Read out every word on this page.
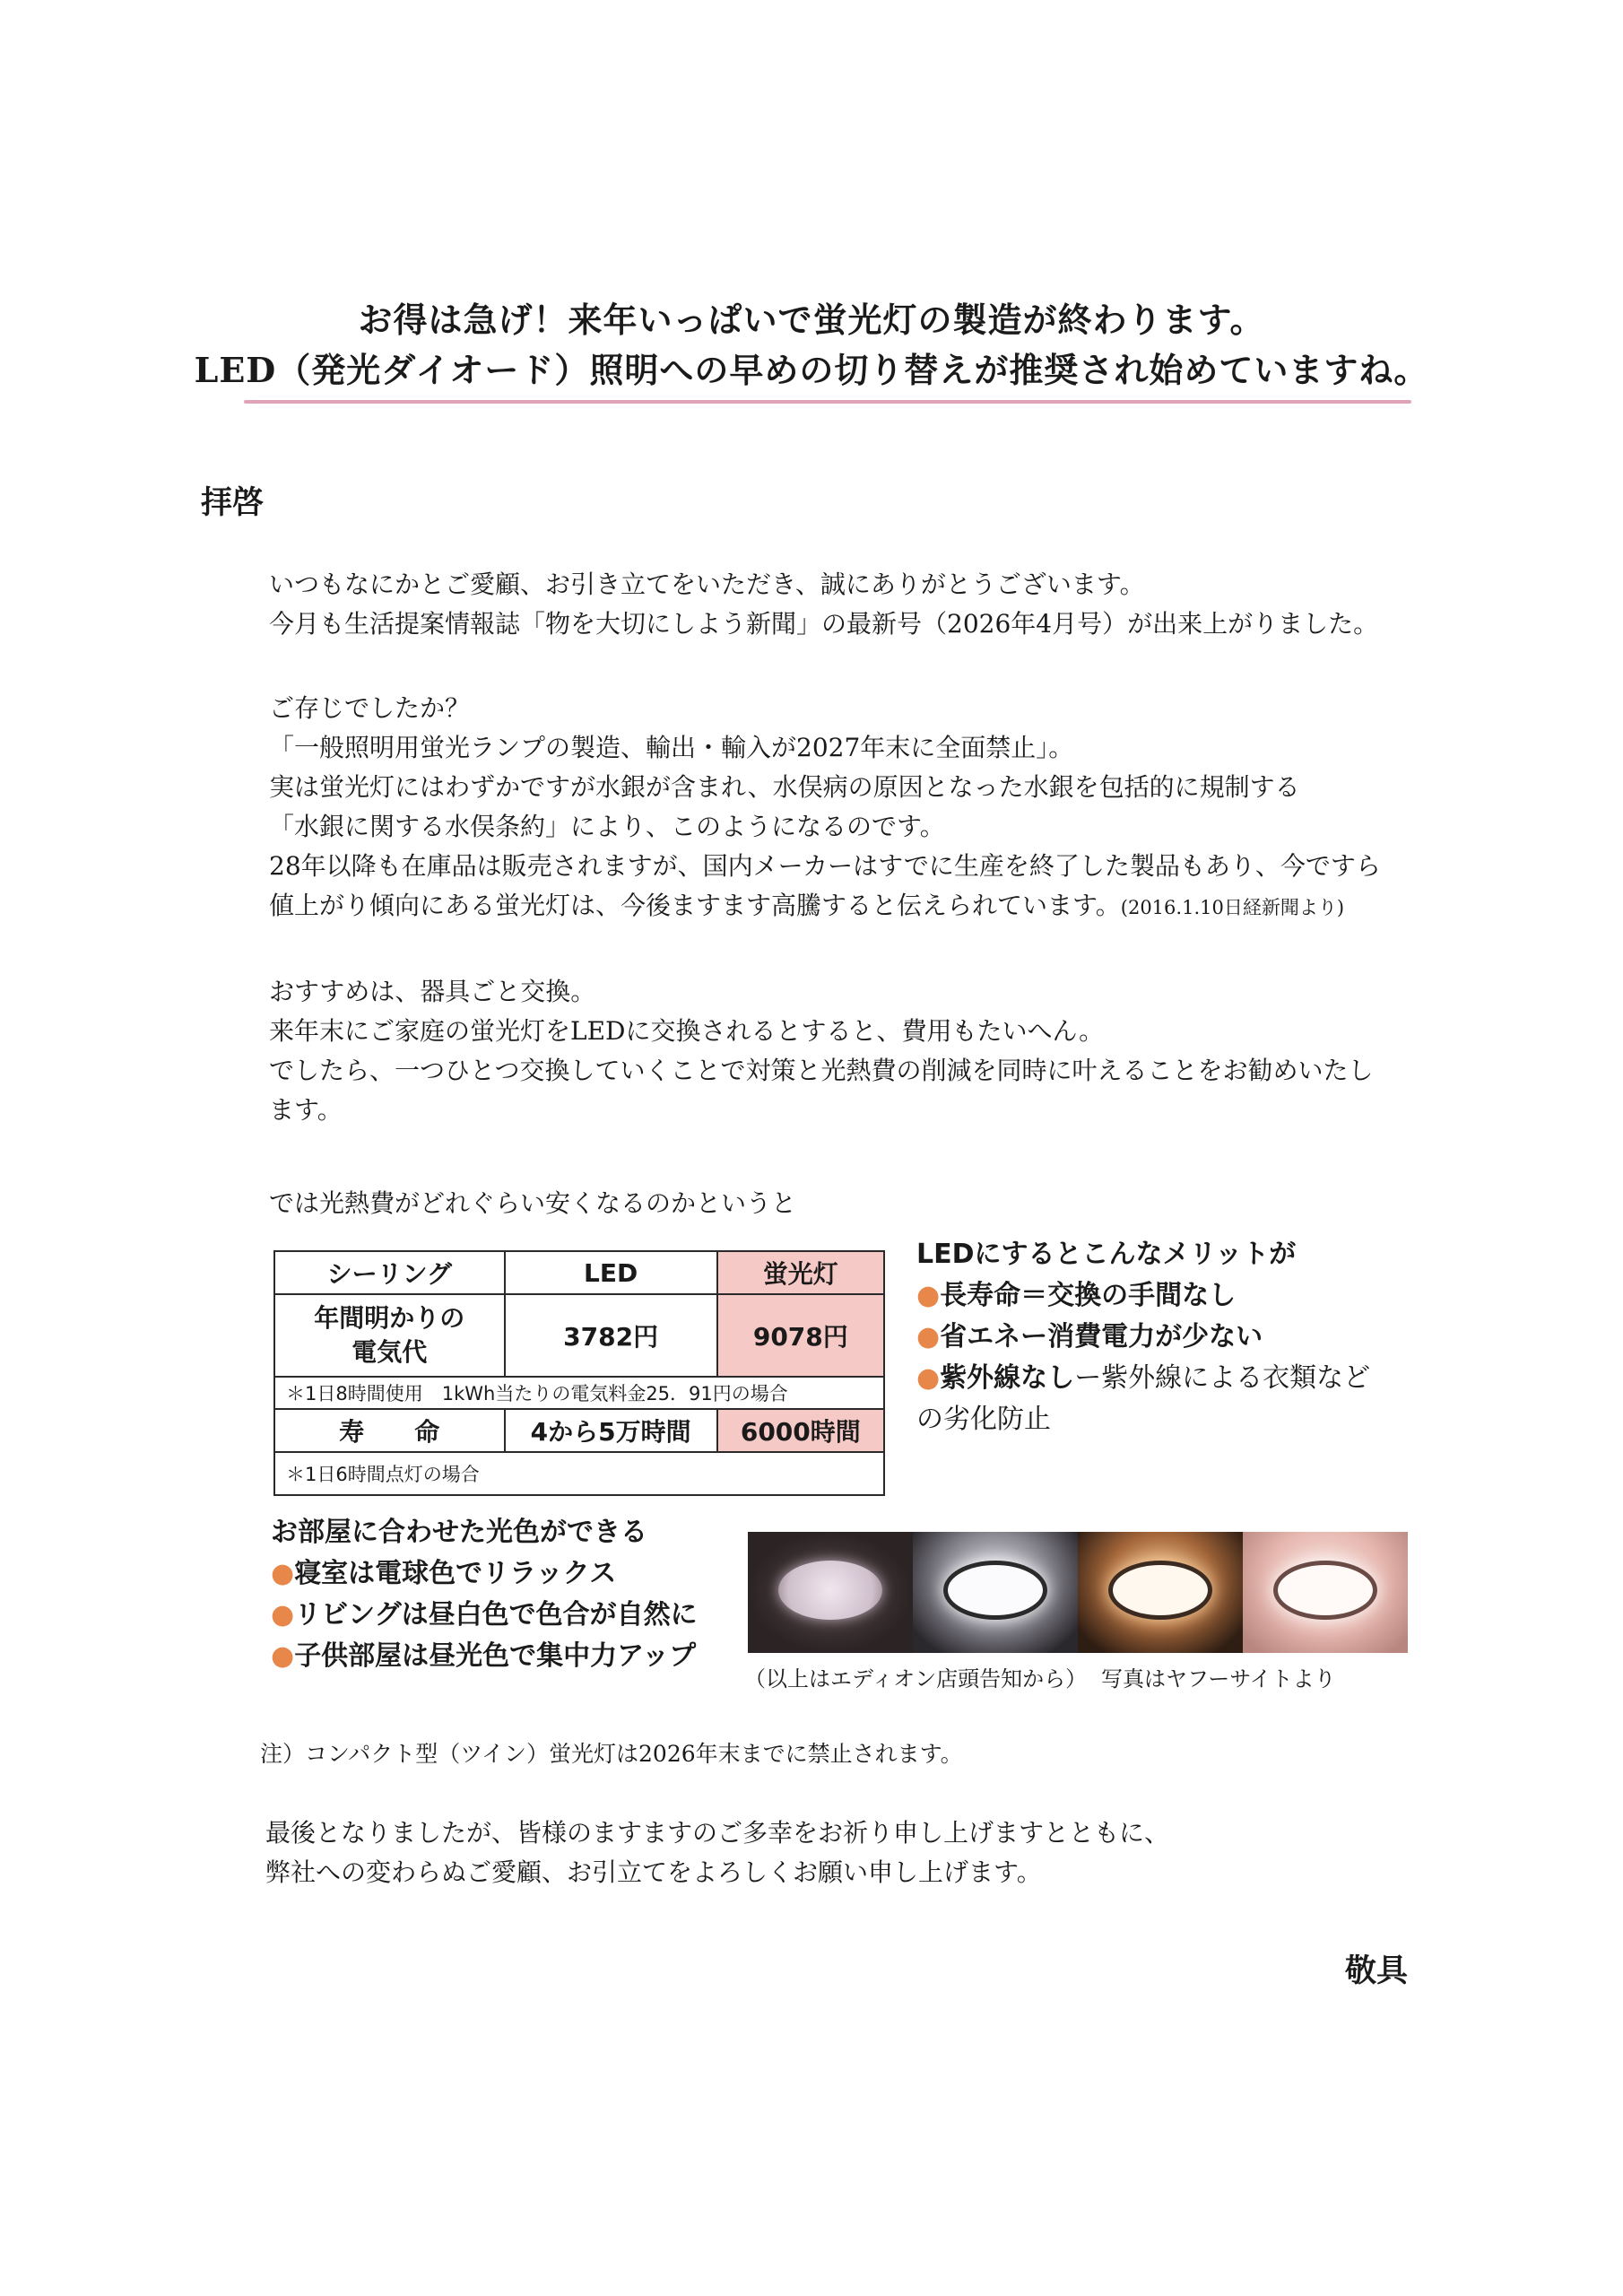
お得は急げ！来年いっぱいで蛍光灯の製造が終わります。
LED（発光ダイオード）照明への早めの切り替えが推奨され始めていますね。
拝啓
いつもなにかとご愛顧、お引き立てをいただき、誠にありがとうございます。
今月も生活提案情報誌「物を大切にしよう新聞」の最新号（2026年4月号）が出来上がりました。
ご存じでしたか？
「一般照明用蛍光ランプの製造、輸出・輸入が2027年末に全面禁止」。
実は蛍光灯にはわずかですが水銀が含まれ、水俣病の原因となった水銀を包括的に規制する
「水銀に関する水俣条約」により、このようになるのです。
28年以降も在庫品は販売されますが、国内メーカーはすでに生産を終了した製品もあり、今ですら
値上がり傾向にある蛍光灯は、今後ますます高騰すると伝えられています。(2016.1.10日経新聞より)
おすすめは、器具ごと交換。
来年末にご家庭の蛍光灯をLEDに交換されるとすると、費用もたいへん。
でしたら、一つひとつ交換していくことで対策と光熱費の削減を同時に叶えることをお勧めいたし
ます。
では光熱費がどれぐらい安くなるのかというと
シーリング	LED	蛍光灯

年間明かりの電気代	3782円	9078円
＊1日8時間使用　1kWh当たりの電気料金25．91円の場合		
寿　　命	4から5万時間	6000時間
＊1日6時間点灯の場合		
LEDにするとこんなメリットが
●長寿命＝交換の手間なし
●省エネー消費電力が少ない
●紫外線なしー紫外線による衣類など
の劣化防止
お部屋に合わせた光色ができる
●寝室は電球色でリラックス
●リビングは昼白色で色合が自然に
●子供部屋は昼光色で集中力アップ
（以上はエディオン店頭告知から） 写真はヤフーサイトより
注）コンパクト型（ツイン）蛍光灯は2026年末までに禁止されます。
最後となりましたが、皆様のますますのご多幸をお祈り申し上げますとともに、
弊社への変わらぬご愛顧、お引立てをよろしくお願い申し上げます。
敬具
